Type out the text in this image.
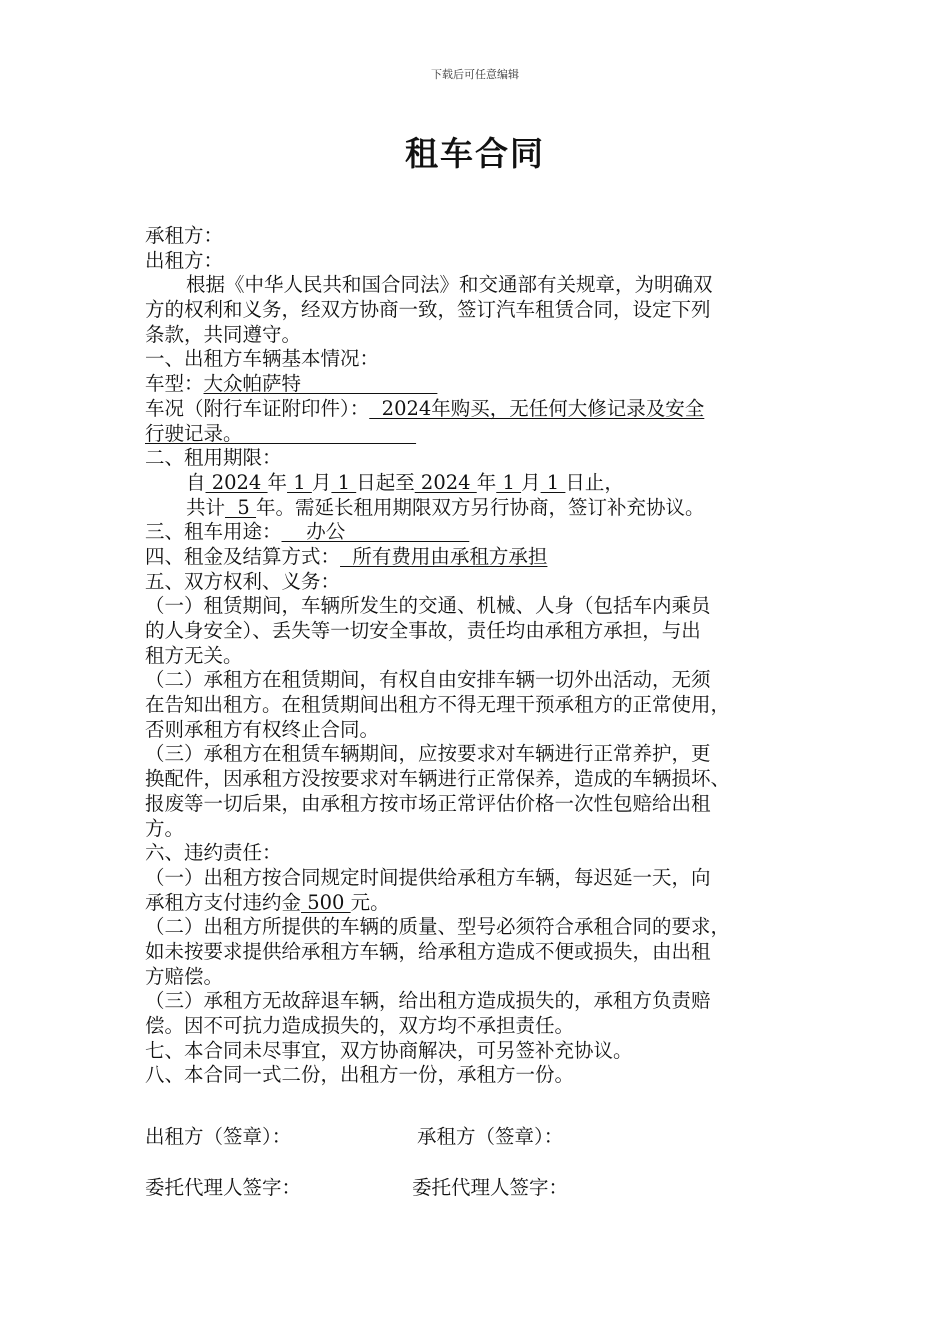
下载后可任意编辑
租车合同
承租方：
出租方：
根据《中华人民共和国合同法》和交通部有关规章，为明确双
方的权利和义务，经双方协商一致，签订汽车租赁合同，设定下列
条款，共同遵守。
一、出租方车辆基本情况：
车型：大众帕萨特
车况（附行车证附印件）：  2024年购买，无任何大修记录及安全
行驶记录。
二、租用期限：
自 2024 年 1 月 1 日起至 2024 年 1 月 1 日止，
共计  5 年。需延长租用期限双方另行协商，签订补充协议。
三、租车用途：    办公
四、租金及结算方式：  所有费用由承租方承担
五、双方权利、义务：
（一）租赁期间，车辆所发生的交通、机械、人身（包括车内乘员
的人身安全）、丢失等一切安全事故，责任均由承租方承担，与出
租方无关。
（二）承租方在租赁期间，有权自由安排车辆一切外出活动，无须
在告知出租方。在租赁期间出租方不得无理干预承租方的正常使用，
否则承租方有权终止合同。
（三）承租方在租赁车辆期间，应按要求对车辆进行正常养护，更
换配件，因承租方没按要求对车辆进行正常保养，造成的车辆损坏、
报废等一切后果，由承租方按市场正常评估价格一次性包赔给出租
方。
六、违约责任：
（一）出租方按合同规定时间提供给承租方车辆，每迟延一天，向
承租方支付违约金 500 元。
（二）出租方所提供的车辆的质量、型号必须符合承租合同的要求，
如未按要求提供给承租方车辆，给承租方造成不便或损失，由出租
方赔偿。
（三）承租方无故辞退车辆，给出租方造成损失的，承租方负责赔
偿。因不可抗力造成损失的，双方均不承担责任。
七、本合同未尽事宜，双方协商解决，可另签补充协议。
八、本合同一式二份，出租方一份，承租方一份。
出租方（签章）：	承租方（签章）：
委托代理人签字：	委托代理人签字：
